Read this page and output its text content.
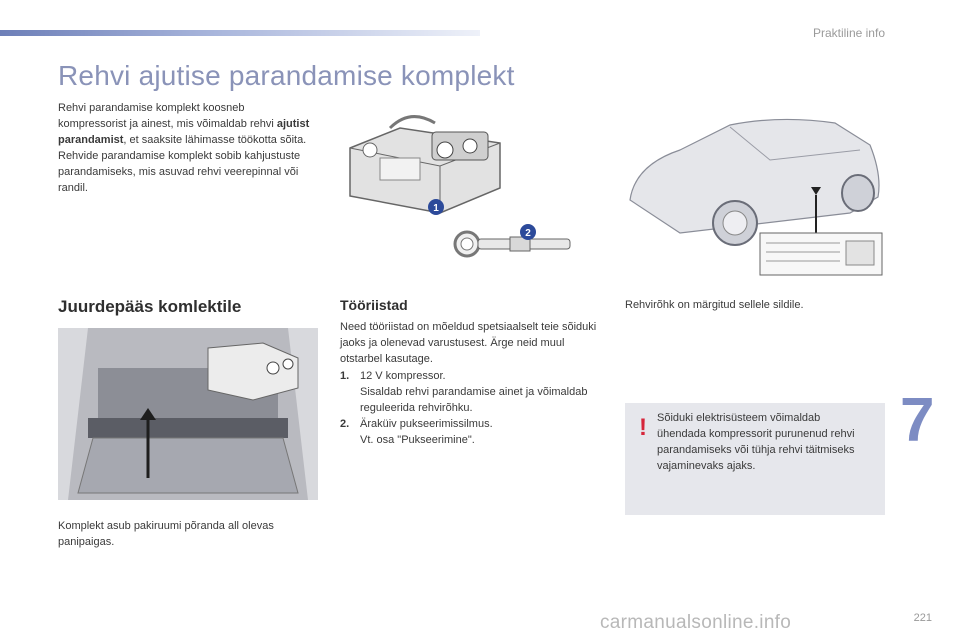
Praktiline info
Rehvi ajutise parandamise komplekt

Rehvi parandamise komplekt koosneb kompressorist ja ainest, mis võimaldab rehvi ajutist parandamist, et saaksite lähimasse töökotta sõita.

Rehvide parandamise komplekt sobib kahjustuste parandamiseks, mis asuvad rehvi veerepinnal või randil.

1
2
Juurdepääs komlektile
Komplekt asub pakiruumi põranda all olevas panipaigas.
Tööriistad
Need tööriistad on mõeldud spetsiaalselt teie sõiduki jaoks ja olenevad varustusest. Ärge neid muul otstarbel kasutage.
1. 12 V kompressor.
Sisaldab rehvi parandamise ainet ja võimaldab reguleerida rehvirõhku.
2. Äraküiv pukseerimissilmus.
Vt. osa "Pukseerimine".
Rehvirõhk on märgitud sellele sildile.
! Sõiduki elektrisüsteem võimaldab ühendada kompressorit purunenud rehvi parandamiseks või tühja rehvi täitmiseks vajaminevaks ajaks.
7
carmanualsonline.info	221
